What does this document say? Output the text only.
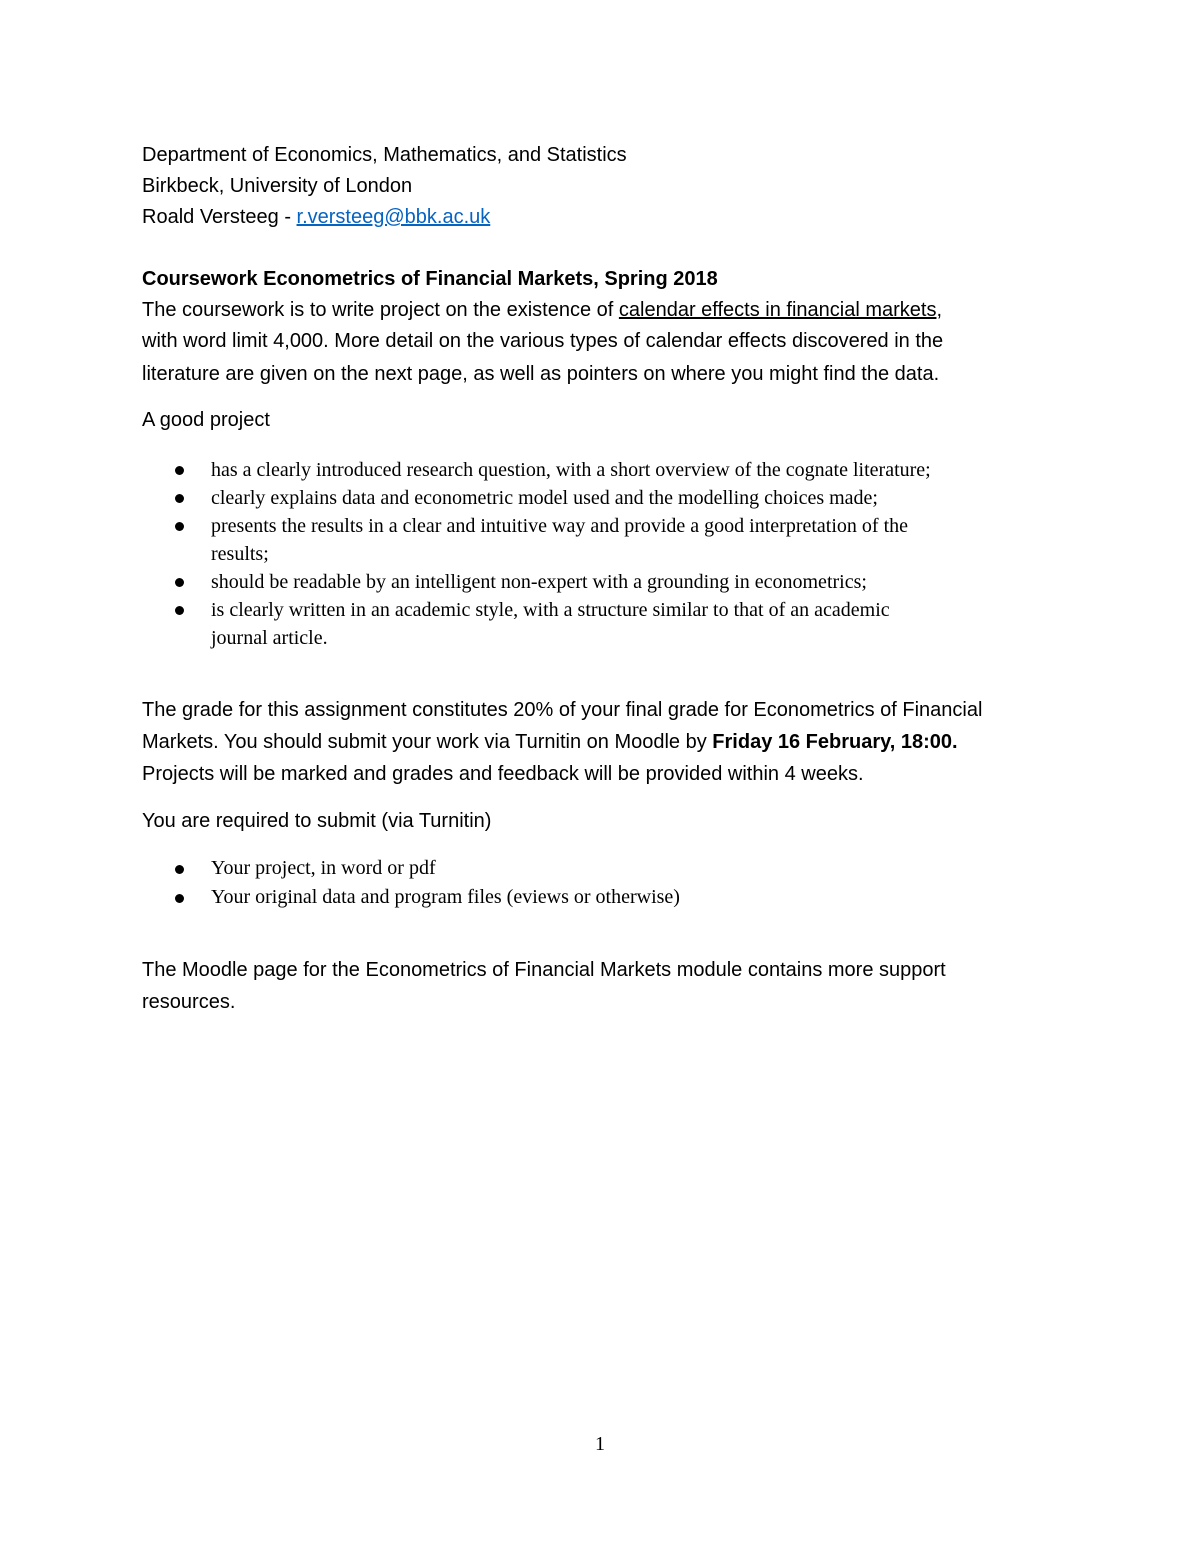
Department of Economics, Mathematics, and Statistics
Birkbeck, University of London
Roald Versteeg - r.versteeg@bbk.ac.uk
Coursework Econometrics of Financial Markets, Spring 2018
The coursework is to write project on the existence of calendar effects in financial markets,
with word limit 4,000. More detail on the various types of calendar effects discovered in the
literature are given on the next page, as well as pointers on where you might find the data.
A good project
has a clearly introduced research question, with a short overview of the cognate literature;
clearly explains data and econometric model used and the modelling choices made;
presents the results in a clear and intuitive way and provide a good interpretation of the
results;
should be readable by an intelligent non-expert with a grounding in econometrics;
is clearly written in an academic style, with a structure similar to that of an academic
journal article.
The grade for this assignment constitutes 20% of your final grade for Econometrics of Financial
Markets. You should submit your work via Turnitin on Moodle by Friday 16 February, 18:00.
Projects will be marked and grades and feedback will be provided within 4 weeks.
You are required to submit (via Turnitin)
Your project, in word or pdf
Your original data and program files (eviews or otherwise)
The Moodle page for the Econometrics of Financial Markets module contains more support
resources.
1
